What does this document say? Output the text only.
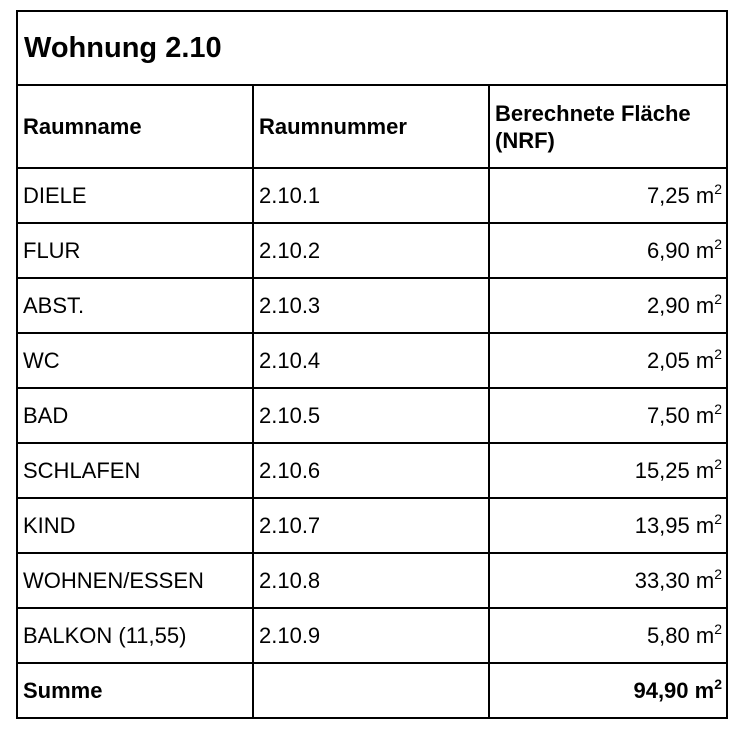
Wohnung 2.10		
Raumname	Raumnummer	Berechnete Fläche (NRF)
DIELE	2.10.1	7,25 $m^2$
FLUR	2.10.2	6,90 $m^2$
ABST.	2.10.3	2,90 $m^2$
WC	2.10.4	2,05 $m^2$
BAD	2.10.5	7,50 $m^2$
SCHLAFEN	2.10.6	15,25 $m^2$
KIND	2.10.7	13,95 $m^2$
WOHNEN/ESSEN	2.10.8	33,30 $m^2$
BALKON (11,55)	2.10.9	5,80 $m^2$
Summe		94,90 $m^2$
